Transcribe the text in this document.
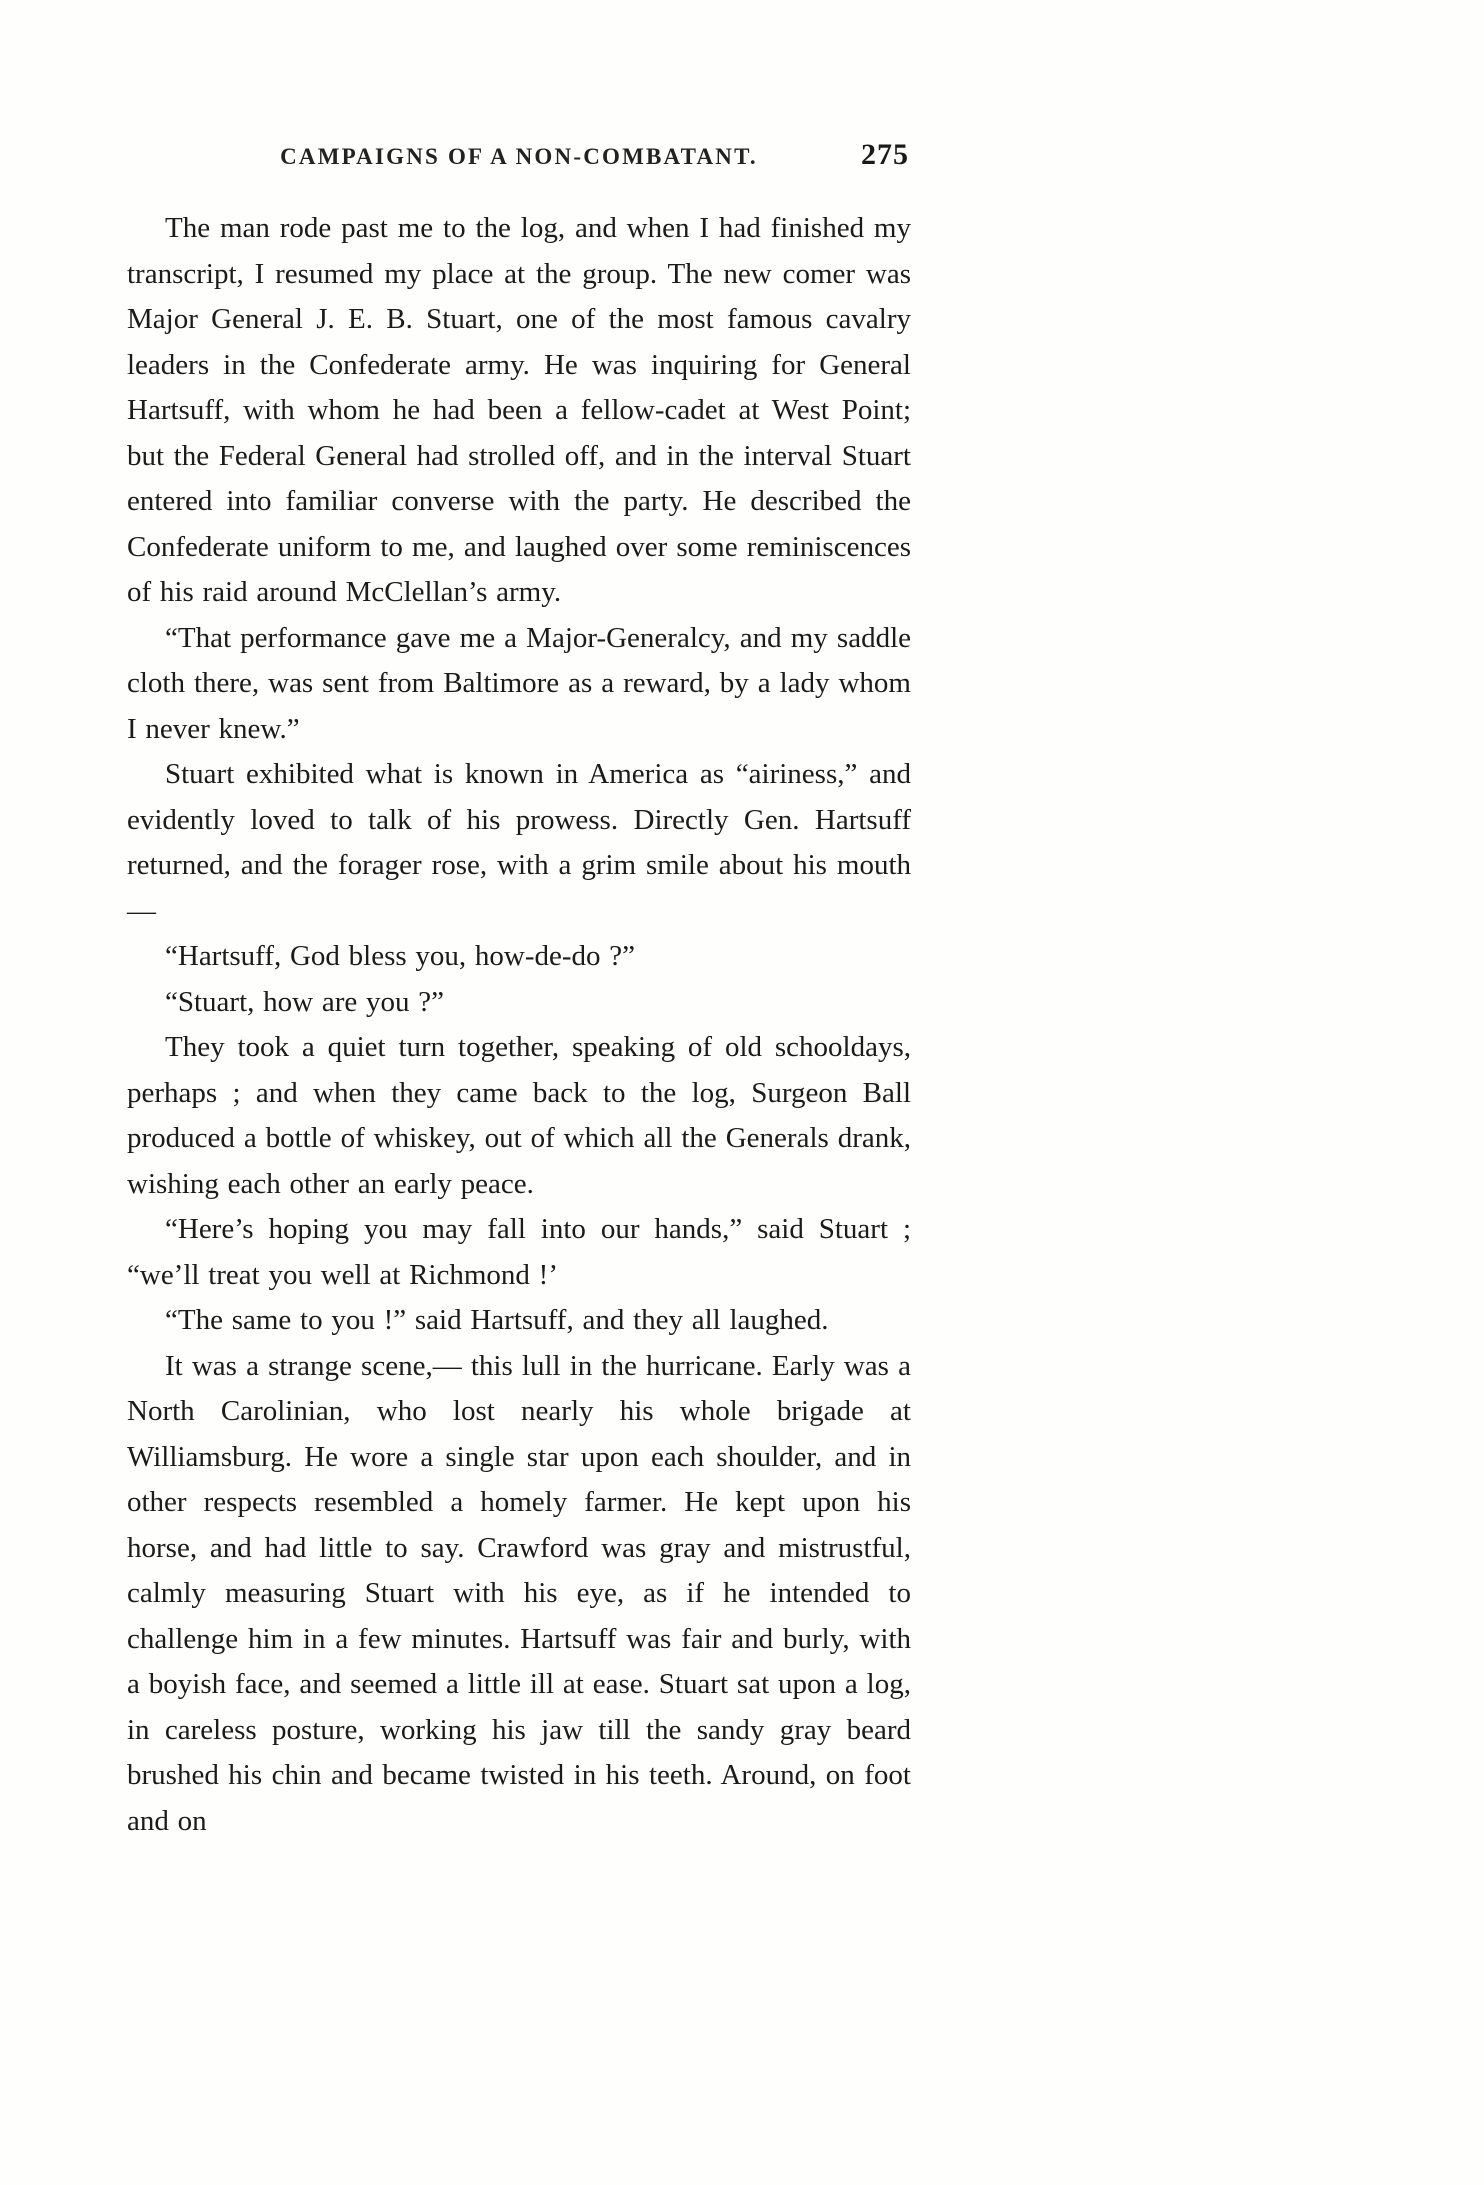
CAMPAIGNS OF A NON-COMBATANT.	275

The man rode past me to the log, and when I had finished my transcript, I resumed my place at the group. The new comer was Major General J. E. B. Stuart, one of the most famous cavalry leaders in the Confederate army. He was inquiring for General Hartsuff, with whom he had been a fellow-cadet at West Point; but the Federal General had strolled off, and in the interval Stuart entered into familiar converse with the party. He described the Confederate uniform to me, and laughed over some reminiscences of his raid around McClellan’s army.

“That performance gave me a Major-Generalcy, and my saddle cloth there, was sent from Baltimore as a reward, by a lady whom I never knew.”

Stuart exhibited what is known in America as “airiness,” and evidently loved to talk of his prowess. Directly Gen. Hartsuff returned, and the forager rose, with a grim smile about his mouth —

“Hartsuff, God bless you, how-de-do ?”

“Stuart, how are you ?”

They took a quiet turn together, speaking of old schooldays, perhaps ; and when they came back to the log, Surgeon Ball produced a bottle of whiskey, out of which all the Generals drank, wishing each other an early peace.

“Here’s hoping you may fall into our hands,” said Stuart ; “we’ll treat you well at Richmond !’

“The same to you !” said Hartsuff, and they all laughed.

It was a strange scene,— this lull in the hurricane. Early was a North Carolinian, who lost nearly his whole brigade at Williamsburg. He wore a single star upon each shoulder, and in other respects resembled a homely farmer. He kept upon his horse, and had little to say. Crawford was gray and mistrustful, calmly measuring Stuart with his eye, as if he intended to challenge him in a few minutes. Hartsuff was fair and burly, with a boyish face, and seemed a little ill at ease. Stuart sat upon a log, in careless posture, working his jaw till the sandy gray beard brushed his chin and became twisted in his teeth. Around, on foot and on
